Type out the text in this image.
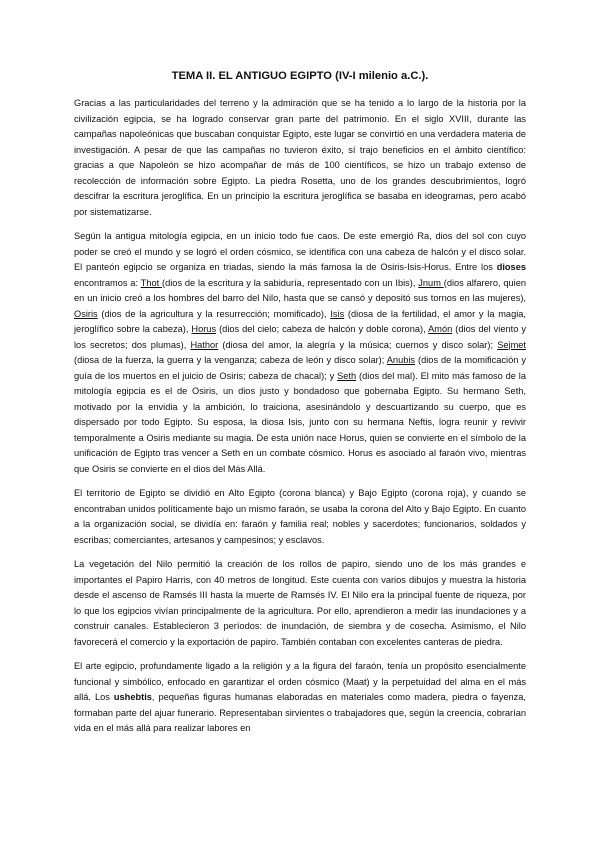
TEMA II. EL ANTIGUO EGIPTO (IV-I milenio a.C.).

Gracias a las particularidades del terreno y la admiración que se ha tenido a lo largo de la historia por la civilización egipcia, se ha logrado conservar gran parte del patrimonio. En el siglo XVIII, durante las campañas napoleónicas que buscaban conquistar Egipto, este lugar se convirtió en una verdadera materia de investigación. A pesar de que las campañas no tuvieron éxito, sí trajo beneficios en el ámbito científico: gracias a que Napoleón se hizo acompañar de más de 100 científicos, se hizo un trabajo extenso de recolección de información sobre Egipto. La piedra Rosetta, uno de los grandes descubrimientos, logró descifrar la escritura jeroglífica. En un principio la escritura jeroglífica se basaba en ideogramas, pero acabó por sistematizarse.

Según la antigua mitología egipcia, en un inicio todo fue caos. De este emergió Ra, dios del sol con cuyo poder se creó el mundo y se logró el orden cósmico, se identifica con una cabeza de halcón y el disco solar. El panteón egipcio se organiza en triadas, siendo la más famosa la de Osiris-Isis-Horus. Entre los dioses encontramos a: Thot (dios de la escritura y la sabiduría, representado con un Ibis), Jnum (dios alfarero, quien en un inicio creó a los hombres del barro del Nilo, hasta que se cansó y depositó sus tornos en las mujeres), Osiris (dios de la agricultura y la resurrección; momificado), Isis (diosa de la fertilidad, el amor y la magia, jeroglífico sobre la cabeza), Horus (dios del cielo; cabeza de halcón y doble corona), Amón (dios del viento y los secretos; dos plumas), Hathor (diosa del amor, la alegría y la música; cuernos y disco solar); Sejmet (diosa de la fuerza, la guerra y la venganza; cabeza de león y disco solar); Anubis (dios de la momificación y guía de los muertos en el juicio de Osiris; cabeza de chacal); y Seth (dios del mal). El mito más famoso de la mitología egipcia es el de Osiris, un dios justo y bondadoso que gobernaba Egipto. Su hermano Seth, motivado por la envidia y la ambición, lo traiciona, asesinándolo y descuartizando su cuerpo, que es dispersado por todo Egipto. Su esposa, la diosa Isis, junto con su hermana Neftis, logra reunir y revivir temporalmente a Osiris mediante su magia. De esta unión nace Horus, quien se convierte en el símbolo de la unificación de Egipto tras vencer a Seth en un combate cósmico. Horus es asociado al faraón vivo, mientras que Osiris se convierte en el dios del Más Allá.

El territorio de Egipto se dividió en Alto Egipto (corona blanca) y Bajo Egipto (corona roja), y cuando se encontraban unidos políticamente bajo un mismo faraón, se usaba la corona del Alto y Bajo Egipto. En cuanto a la organización social, se dividía en: faraón y familia real; nobles y sacerdotes; funcionarios, soldados y escribas; comerciantes, artesanos y campesinos; y esclavos.

La vegetación del Nilo permitió la creación de los rollos de papiro, siendo uno de los más grandes e importantes el Papiro Harris, con 40 metros de longitud. Este cuenta con varios dibujos y muestra la historia desde el ascenso de Ramsés III hasta la muerte de Ramsés IV. El Nilo era la principal fuente de riqueza, por lo que los egipcios vivían principalmente de la agricultura. Por ello, aprendieron a medir las inundaciones y a construir canales. Establecieron 3 períodos: de inundación, de siembra y de cosecha. Asimismo, el Nilo favorecerá el comercio y la exportación de papiro. También contaban con excelentes canteras de piedra.

El arte egipcio, profundamente ligado a la religión y a la figura del faraón, tenía un propósito esencialmente funcional y simbólico, enfocado en garantizar el orden cósmico (Maat) y la perpetuidad del alma en el más allá. Los ushebtis, pequeñas figuras humanas elaboradas en materiales como madera, piedra o fayenza, formaban parte del ajuar funerario. Representaban sirvientes o trabajadores que, según la creencia, cobrarían vida en el más allá para realizar labores en
